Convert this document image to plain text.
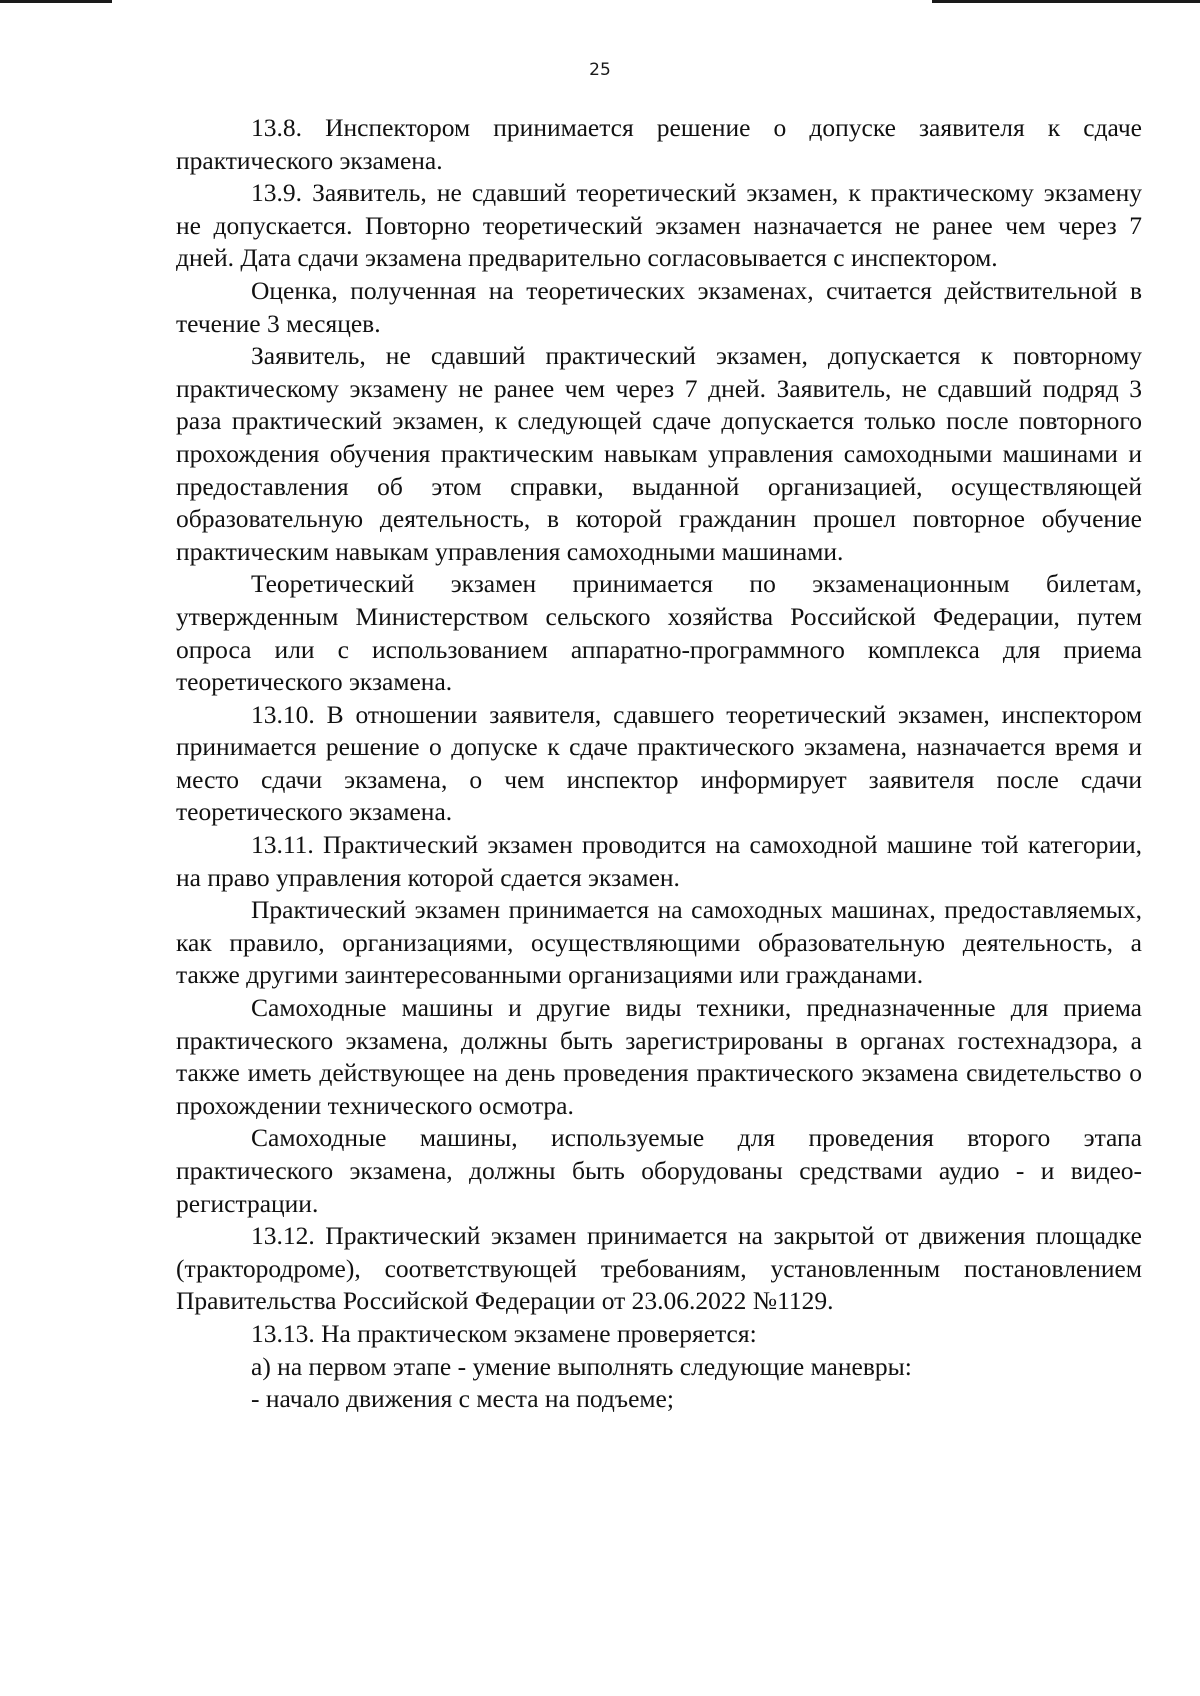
25

13.8. Инспектором принимается решение о допуске заявителя к сдаче практического экзамена.

13.9. Заявитель, не сдавший теоретический экзамен, к практическому экзамену не допускается. Повторно теоретический экзамен назначается не ранее чем через 7 дней. Дата сдачи экзамена предварительно согласовывается с инспектором.

Оценка, полученная на теоретических экзаменах, считается действительной в течение 3 месяцев.

Заявитель, не сдавший практический экзамен, допускается к повторному практическому экзамену не ранее чем через 7 дней. Заявитель, не сдавший подряд 3 раза практический экзамен, к следующей сдаче допускается только после повторного прохождения обучения практическим навыкам управления самоходными машинами и предоставления об этом справки, выданной организацией, осуществляющей образовательную деятельность, в которой гражданин прошел повторное обучение практическим навыкам управления самоходными машинами.

Теоретический экзамен принимается по экзаменационным билетам, утвержденным Министерством сельского хозяйства Российской Федерации, путем опроса или с использованием аппаратно-программного комплекса для приема теоретического экзамена.

13.10. В отношении заявителя, сдавшего теоретический экзамен, инспектором принимается решение о допуске к сдаче практического экзамена, назначается время и место сдачи экзамена, о чем инспектор информирует заявителя после сдачи теоретического экзамена.

13.11. Практический экзамен проводится на самоходной машине той категории, на право управления которой сдается экзамен.

Практический экзамен принимается на самоходных машинах, предоставляемых, как правило, организациями, осуществляющими образовательную деятельность, а также другими заинтересованными организациями или гражданами.

Самоходные машины и другие виды техники, предназначенные для приема практического экзамена, должны быть зарегистрированы в органах гостехнадзора, а также иметь действующее на день проведения практического экзамена свидетельство о прохождении технического осмотра.

Самоходные машины, используемые для проведения второго этапа практического экзамена, должны быть оборудованы средствами аудио - и видео-регистрации.

13.12. Практический экзамен принимается на закрытой от движения площадке (трактородроме), соответствующей требованиям, установленным постановлением Правительства Российской Федерации от 23.06.2022 №1129.

13.13. На практическом экзамене проверяется:

а) на первом этапе - умение выполнять следующие маневры:

- начало движения с места на подъеме;
